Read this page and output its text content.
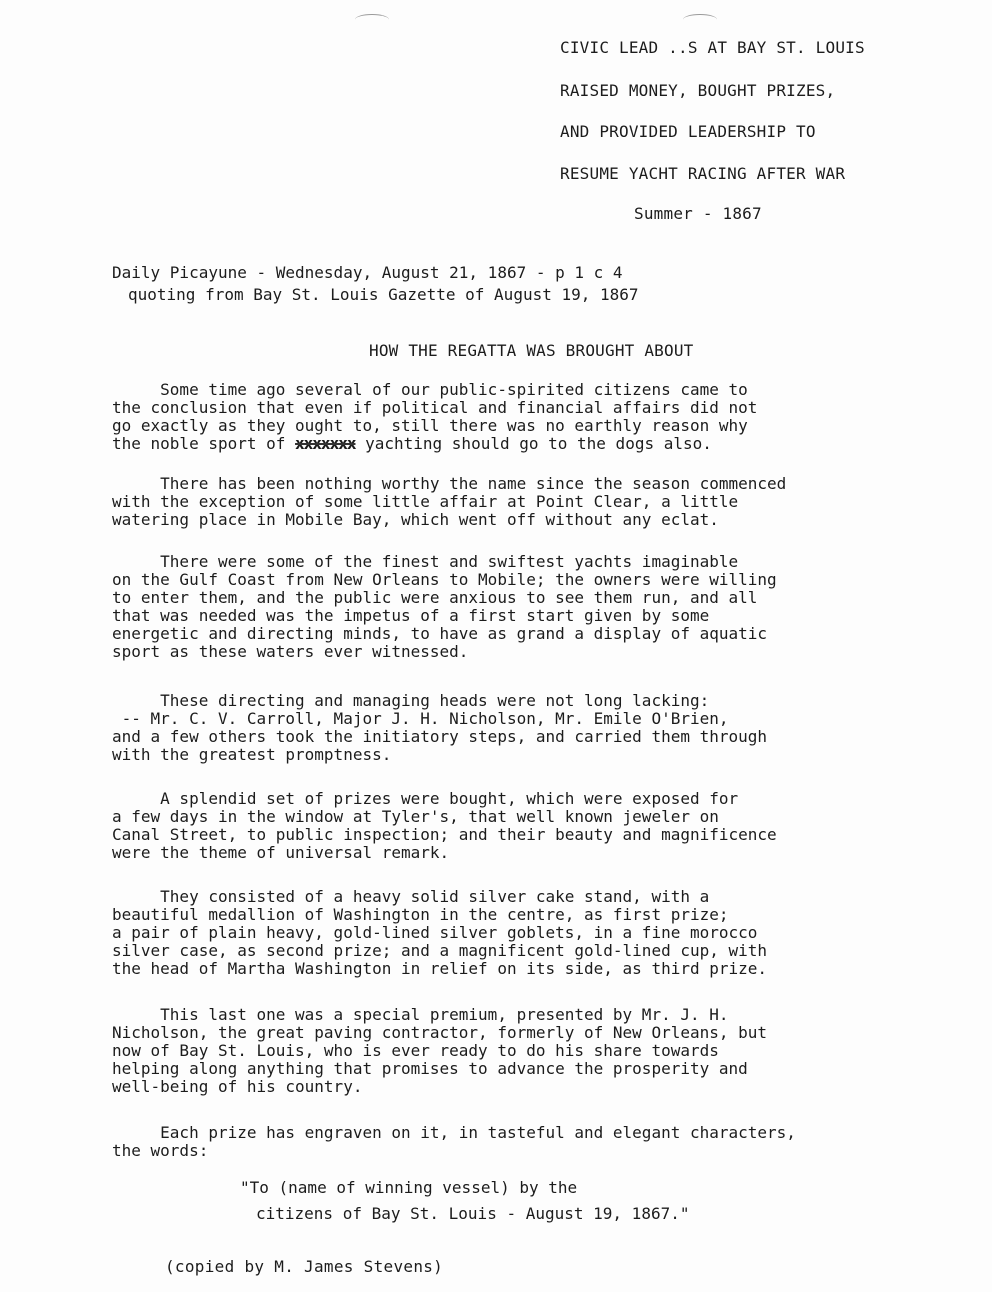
CIVIC LEAD ..S AT BAY ST. LOUIS
RAISED MONEY, BOUGHT PRIZES,
AND PROVIDED LEADERSHIP TO
RESUME YACHT RACING AFTER WAR
Summer - 1867
Daily Picayune - Wednesday, August 21, 1867 - p 1 c 4
quoting from Bay St. Louis Gazette of August 19, 1867
HOW THE REGATTA WAS BROUGHT ABOUT
Some time ago several of our public-spirited citizens came to
the conclusion that even if political and financial affairs did not
go exactly as they ought to, still there was no earthly reason why
the noble sport of xxxxxxx yachting should go to the dogs also.
There has been nothing worthy the name since the season commenced
with the exception of some little affair at Point Clear, a little
watering place in Mobile Bay, which went off without any eclat.
There were some of the finest and swiftest yachts imaginable
on the Gulf Coast from New Orleans to Mobile; the owners were willing
to enter them, and the public were anxious to see them run, and all
that was needed was the impetus of a first start given by some
energetic and directing minds, to have as grand a display of aquatic
sport as these waters ever witnessed.
These directing and managing heads were not long lacking:
-- Mr. C. V. Carroll, Major J. H. Nicholson, Mr. Emile O'Brien,
and a few others took the initiatory steps, and carried them through
with the greatest promptness.
A splendid set of prizes were bought, which were exposed for
a few days in the window at Tyler's, that well known jeweler on
Canal Street, to public inspection; and their beauty and magnificence
were the theme of universal remark.
They consisted of a heavy solid silver cake stand, with a
beautiful medallion of Washington in the centre, as first prize;
a pair of plain heavy, gold-lined silver goblets, in a fine morocco
silver case, as second prize; and a magnificent gold-lined cup, with
the head of Martha Washington in relief on its side, as third prize.
This last one was a special premium, presented by Mr. J. H.
Nicholson, the great paving contractor, formerly of New Orleans, but
now of Bay St. Louis, who is ever ready to do his share towards
helping along anything that promises to advance the prosperity and
well-being of his country.
Each prize has engraven on it, in tasteful and elegant characters,
the words:
"To (name of winning vessel) by the
citizens of Bay St. Louis - August 19, 1867."
(copied by M. James Stevens)
